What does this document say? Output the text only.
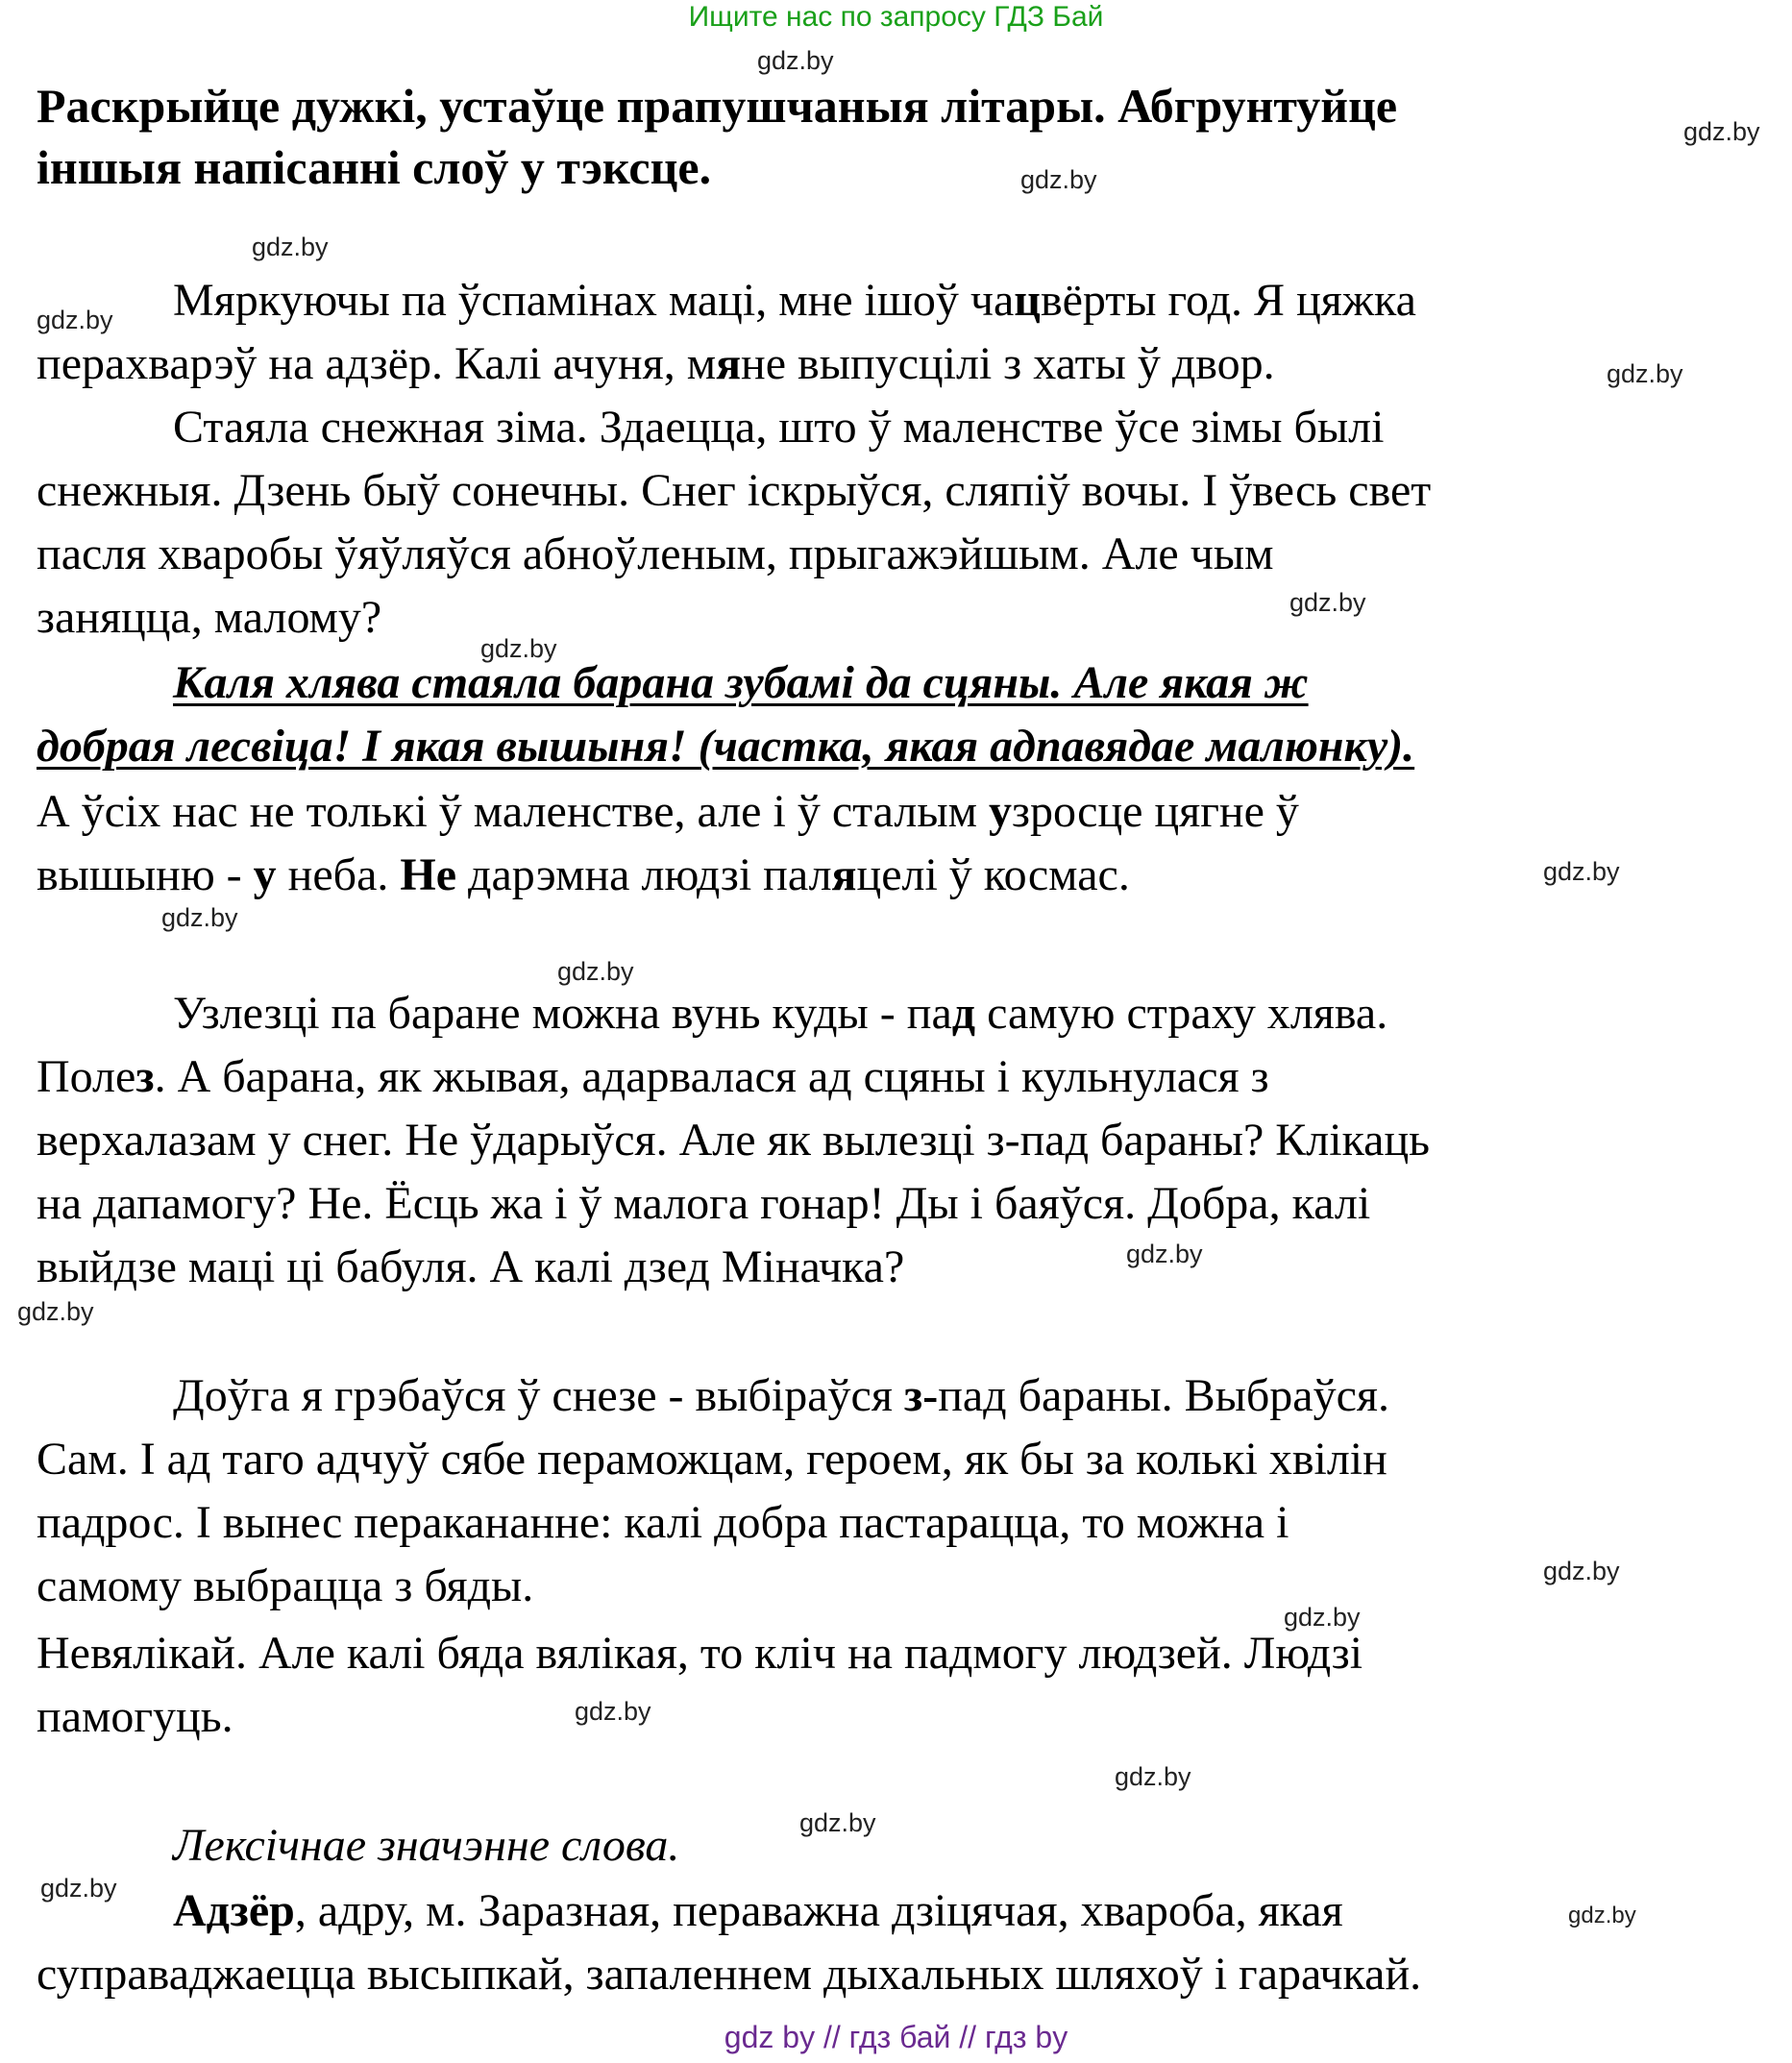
Ищите нас по запросу ГДЗ Бай
gdz.by
gdz.by
gdz.by
gdz.by
gdz.by
gdz.by
gdz.by
gdz.by
gdz.by
gdz.by
gdz.by
gdz.by
gdz.by
gdz.by
gdz.by
gdz.by
gdz.by
gdz.by
gdz.by
gdz.by
Раскрыйце дужкі, устаўце прапушчаныя літары. Абгрунтуйце
іншыя напісанні слоў у тэксце.
Мяркуючы па ўспамінах маці, мне ішоў чацвёрты год. Я цяжка
перахварэў на адзёр. Калі ачуня, мяне выпусцілі з хаты ў двор.
Стаяла снежная зіма. Здаецца, што ў маленстве ўсе зімы былі
снежныя. Дзень быў сонечны. Снег іскрыўся, сляпіў вочы. І ўвесь свет
пасля хваробы ўяўляўся абноўленым, прыгажэйшым. Але чым
заняцца, малому?
Каля хлява стаяла барана зубамі да сцяны. Але якая ж
добрая лесвіца! І якая вышыня! (частка, якая адпавядае малюнку).
А ўсіх нас не толькі ў маленстве, але і ў сталым узросце цягне ў
вышыню - у неба. Не дарэмна людзі паляцелі ў космас.
Узлезці па баране можна вунь куды - пад самую страху хлява.
Полез. А барана, як жывая, адарвалася ад сцяны і кульнулася з
верхалазам у снег. Не ўдарыўся. Але як вылезці з-пад бараны? Клікаць
на дапамогу? Не. Ёсць жа і ў малога гонар! Ды і баяўся. Добра, калі
выйдзе маці ці бабуля. А калі дзед Міначка?
Доўга я грэбаўся ў снезе - выбіраўся з-пад бараны. Выбраўся.
Сам. І ад таго адчуў сябе пераможцам, героем, як бы за колькі хвілін
падрос. І вынес перакананне: калі добра пастарацца, то можна і
самому выбрацца з бяды.
Невялікай. Але калі бяда вялікая, то кліч на падмогу людзей. Людзі
памогуць.
Лексічнае значэнне слова.
Адзёр, адру, м. Заразная, пераважна дзіцячая, хвароба, якая
суправаджаецца высыпкай, запаленнем дыхальных шляхоў і гарачкай.
gdz by // гдз бай // гдз by
